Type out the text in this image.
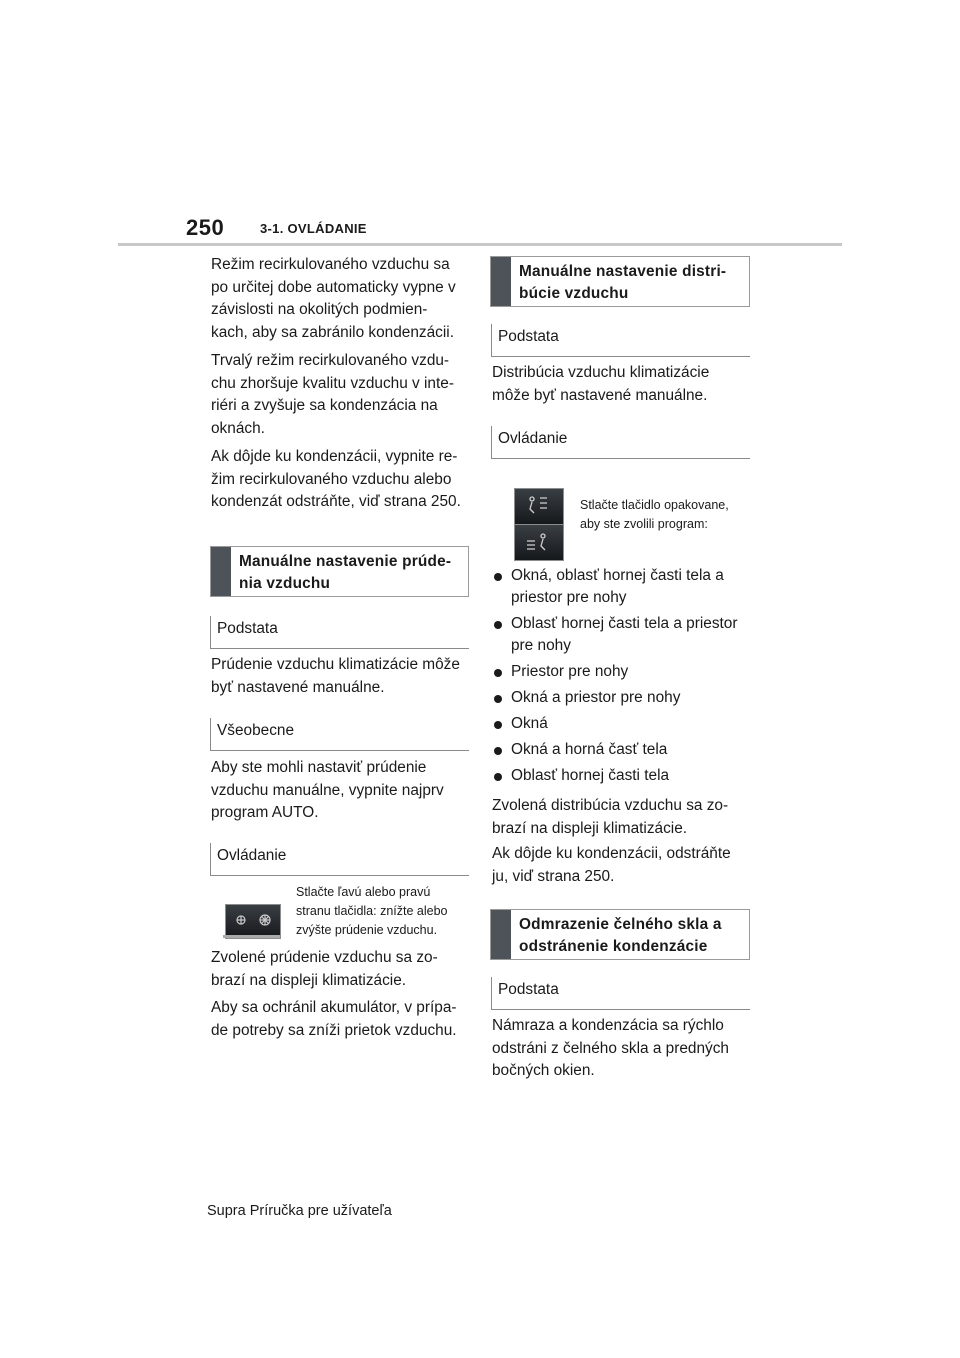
250	3-1. OVLÁDANIE

Režim recirkulovaného vzduchu sa po určitej dobe automaticky vypne v závislosti na okolitých podmien-kach, aby sa zabránilo kondenzácii.

Trvalý režim recirkulovaného vzdu-chu zhoršuje kvalitu vzduchu v inte-riéri a zvyšuje sa kondenzácia na oknách.

Ak dôjde ku kondenzácii, vypnite re-žim recirkulovaného vzduchu alebo kondenzát odstráňte, viď strana 250.

Manuálne nastavenie prúde-nia vzduchu
Podstata

Prúdenie vzduchu klimatizácie môže byť nastavené manuálne.

Všeobecne

Aby ste mohli nastaviť prúdenie vzduchu manuálne, vypnite najprv program AUTO.

Ovládanie

Stlačte ľavú alebo pravú stranu tlačidla: znížte alebo zvýšte prúdenie vzduchu.

Zvolené prúdenie vzduchu sa zo-brazí na displeji klimatizácie.

Aby sa ochránil akumulátor, v prípa-de potreby sa zníži prietok vzduchu.

Manuálne nastavenie distri-búcie vzduchu
Podstata

Distribúcia vzduchu klimatizácie môže byť nastavené manuálne.

Ovládanie

Stlačte tlačidlo opakovane, aby ste zvolili program:

Okná, oblasť hornej časti tela a priestor pre nohy
Oblasť hornej časti tela a priestor pre nohy
Priestor pre nohy
Okná a priestor pre nohy
Okná
Okná a horná časť tela
Oblasť hornej časti tela

Zvolená distribúcia vzduchu sa zo-brazí na displeji klimatizácie.

Ak dôjde ku kondenzácii, odstráňte ju, viď strana 250.

Odmrazenie čelného skla a odstránenie kondenzácie
Podstata

Námraza a kondenzácia sa rýchlo odstráni z čelného skla a predných bočných okien.

Supra Príručka pre užívateľa
